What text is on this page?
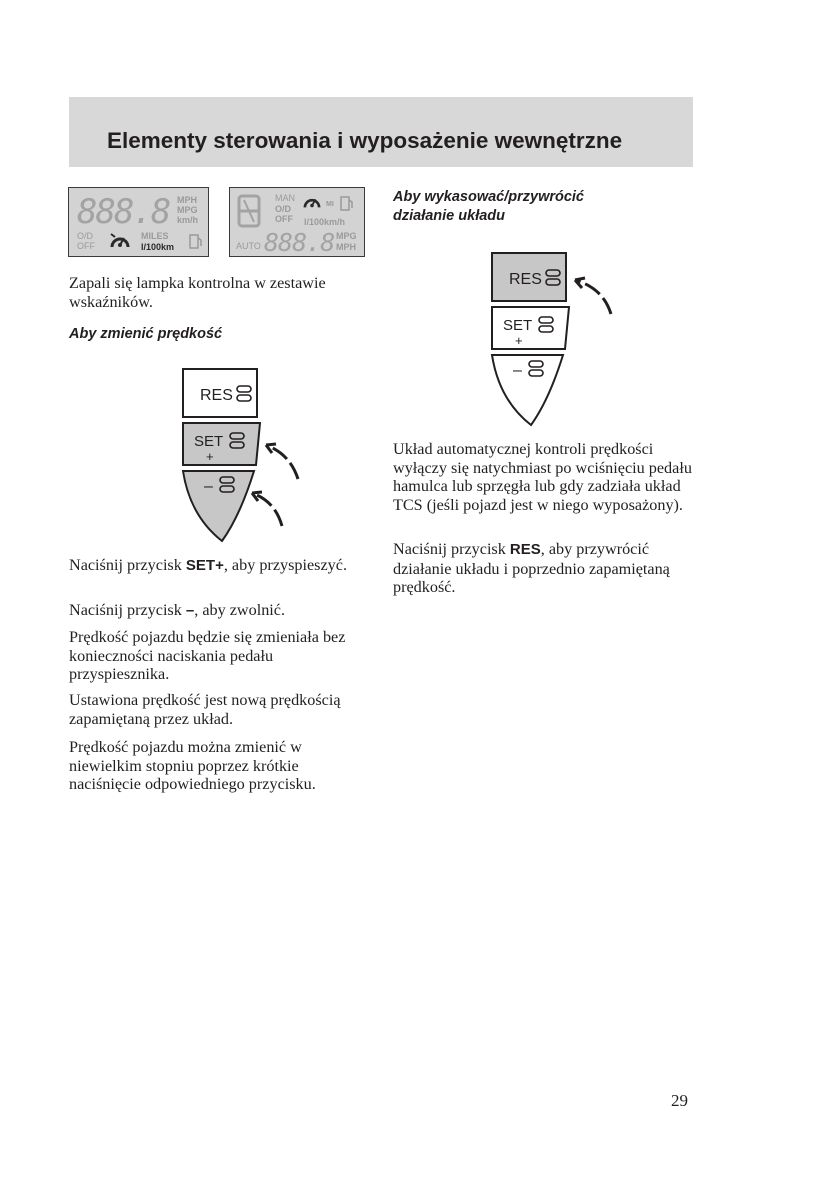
Elementy sterowania i wyposażenie wewnętrzne
888.8 MPH
MPG
km/h
O/D
OFF
MILES
l/100km
MAN
O/D
OFF
MI
l/100km/h
AUTO 888.8 MPG
MPH

Zapali się lampka kontrolna w zestawie wskaźników.

Aby zmienić prędkość

RES
SET
+
–

Naciśnij przycisk SET+, aby przyspieszyć.

Naciśnij przycisk –, aby zwolnić.

Prędkość pojazdu będzie się zmieniała bez konieczności naciskania pedału przyspiesznika.

Ustawiona prędkość jest nową prędkością zapamiętaną przez układ.

Prędkość pojazdu można zmienić w niewielkim stopniu poprzez krótkie naciśnięcie odpowiedniego przycisku.

Aby wykasować/przywrócić działanie układu

RES
SET
+
–

Układ automatycznej kontroli prędkości wyłączy się natychmiast po wciśnięciu pedału hamulca lub sprzęgła lub gdy zadziała układ TCS (jeśli pojazd jest w niego wyposażony).

Naciśnij przycisk RES, aby przywrócić działanie układu i poprzednio zapamiętaną prędkość.

29
